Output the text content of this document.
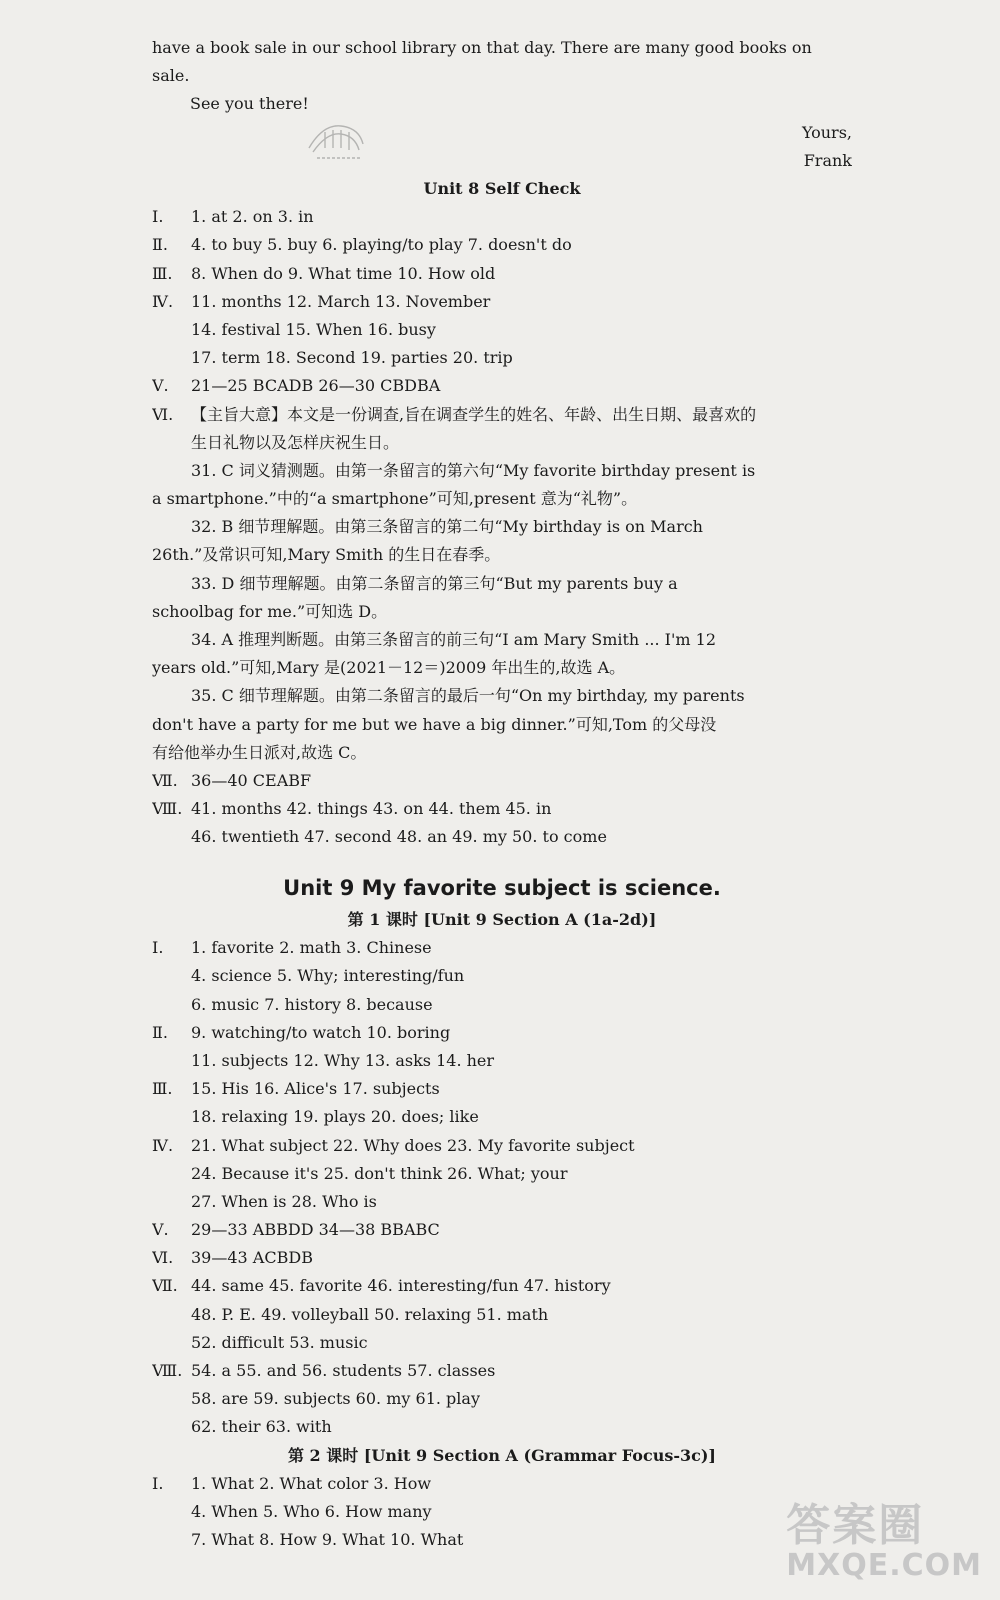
have a book sale in our school library on that day. There are many good books on
sale.
See you there!
Yours,
Frank
Unit 8 Self Check
Ⅰ. 1. at 2. on 3. in
Ⅱ. 4. to buy 5. buy 6. playing/to play 7. doesn't do
Ⅲ. 8. When do 9. What time 10. How old
Ⅳ. 11. months 12. March 13. November
14. festival 15. When 16. busy
17. term 18. Second 19. parties 20. trip
Ⅴ. 21—25 BCADB 26—30 CBDBA
Ⅵ. 【主旨大意】本文是一份调查,旨在调查学生的姓名、年龄、出生日期、最喜欢的
生日礼物以及怎样庆祝生日。
31. C 词义猜测题。由第一条留言的第六句“My favorite birthday present is
a smartphone.”中的“a smartphone”可知,present 意为“礼物”。
32. B 细节理解题。由第三条留言的第二句“My birthday is on March
26th.”及常识可知,Mary Smith 的生日在春季。
33. D 细节理解题。由第二条留言的第三句“But my parents buy a
schoolbag for me.”可知选 D。
34. A 推理判断题。由第三条留言的前三句“I am Mary Smith ... I'm 12
years old.”可知,Mary 是(2021－12＝)2009 年出生的,故选 A。
35. C 细节理解题。由第二条留言的最后一句“On my birthday, my parents
don't have a party for me but we have a big dinner.”可知,Tom 的父母没
有给他举办生日派对,故选 C。
Ⅶ. 36—40 CEABF
Ⅷ. 41. months 42. things 43. on 44. them 45. in
46. twentieth 47. second 48. an 49. my 50. to come
Unit 9 My favorite subject is science.
第 1 课时 [Unit 9 Section A (1a-2d)]
Ⅰ. 1. favorite 2. math 3. Chinese
4. science 5. Why; interesting/fun
6. music 7. history 8. because
Ⅱ. 9. watching/to watch 10. boring
11. subjects 12. Why 13. asks 14. her
Ⅲ. 15. His 16. Alice's 17. subjects
18. relaxing 19. plays 20. does; like
Ⅳ. 21. What subject 22. Why does 23. My favorite subject
24. Because it's 25. don't think 26. What; your
27. When is 28. Who is
Ⅴ. 29—33 ABBDD 34—38 BBABC
Ⅵ. 39—43 ACBDB
Ⅶ. 44. same 45. favorite 46. interesting/fun 47. history
48. P. E. 49. volleyball 50. relaxing 51. math
52. difficult 53. music
Ⅷ. 54. a 55. and 56. students 57. classes
58. are 59. subjects 60. my 61. play
62. their 63. with
第 2 课时 [Unit 9 Section A (Grammar Focus-3c)]
Ⅰ. 1. What 2. What color 3. How
4. When 5. Who 6. How many
7. What 8. How 9. What 10. What	答案圈
MXQE.COM
